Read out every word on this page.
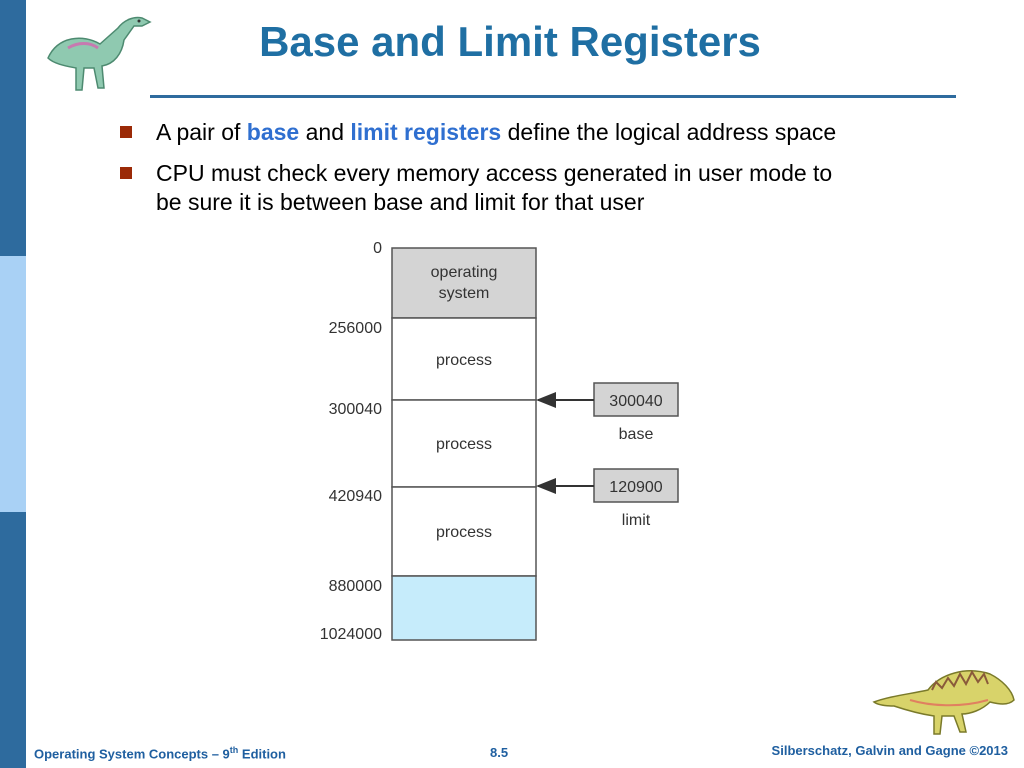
Base and Limit Registers
A pair of base and limit registers define the logical address space
CPU must check every memory access generated in user mode to
be sure it is between base and limit for that user
operating
system
process
process
process
0
256000
300040
420940
880000
1024000
300040
base
120900
limit
Operating System Concepts – 9th Edition	8.5	Silberschatz, Galvin and Gagne ©2013
